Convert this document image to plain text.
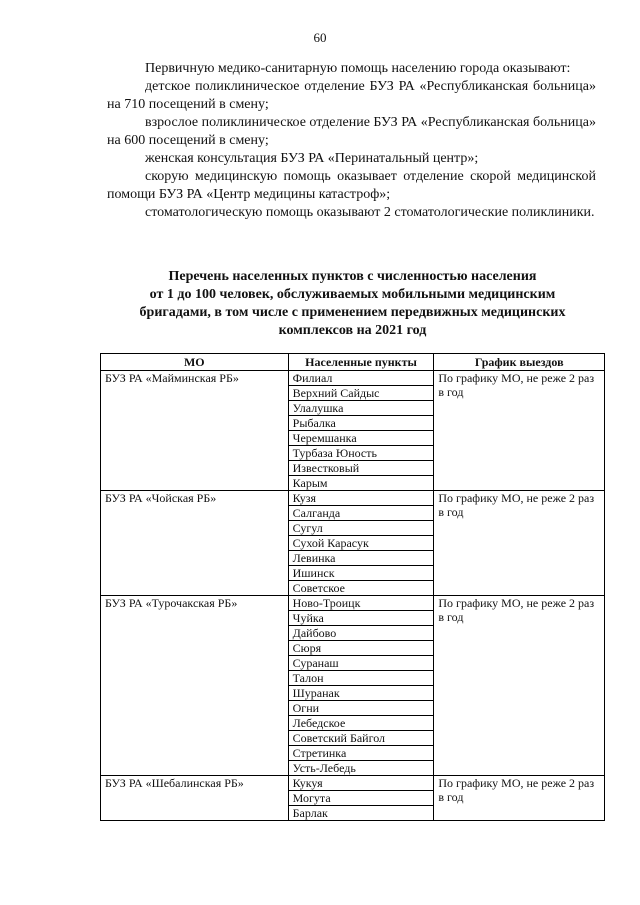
60

Первичную медико-санитарную помощь населению города оказывают:

детское поликлиническое отделение БУЗ РА «Республиканская больница» на 710 посещений в смену;

взрослое поликлиническое отделение БУЗ РА «Республиканская больница» на 600 посещений в смену;

женская консультация БУЗ РА «Перинатальный центр»;

скорую медицинскую помощь оказывает отделение скорой медицинской помощи БУЗ РА «Центр медицины катастроф»;

стоматологическую помощь оказывают 2 стоматологические поликлиники.

Перечень населенных пунктов с численностью населения
от 1 до 100 человек, обслуживаемых мобильными медицинским
бригадами, в том числе с применением передвижных медицинских
комплексов на 2021 год
МО	Населенные пункты	График выездов
БУЗ РА «Майминская РБ»	Филиал	По графику МО, не реже 2 раз в год
	Верхний Сайдыс	
	Улалушка	
	Рыбалка	
	Черемшанка	
	Турбаза Юность	
	Известковый	
	Карым	
БУЗ РА «Чойская РБ»	Кузя	По графику МО, не реже 2 раз в год
	Салганда	
	Сугул	
	Сухой Карасук	
	Левинка	
	Ишинск	
	Советское	
БУЗ РА «Турочакская РБ»	Ново-Троицк	По графику МО, не реже 2 раз в год
	Чуйка	
	Дайбово	
	Сюря	
	Суранаш	
	Талон	
	Шуранак	
	Огни	
	Лебедское	
	Советский Байгол	
	Стретинка	
	Усть-Лебедь	
БУЗ РА «Шебалинская РБ»	Кукуя	По графику МО, не реже 2 раз в год
	Могута	
	Барлак	
